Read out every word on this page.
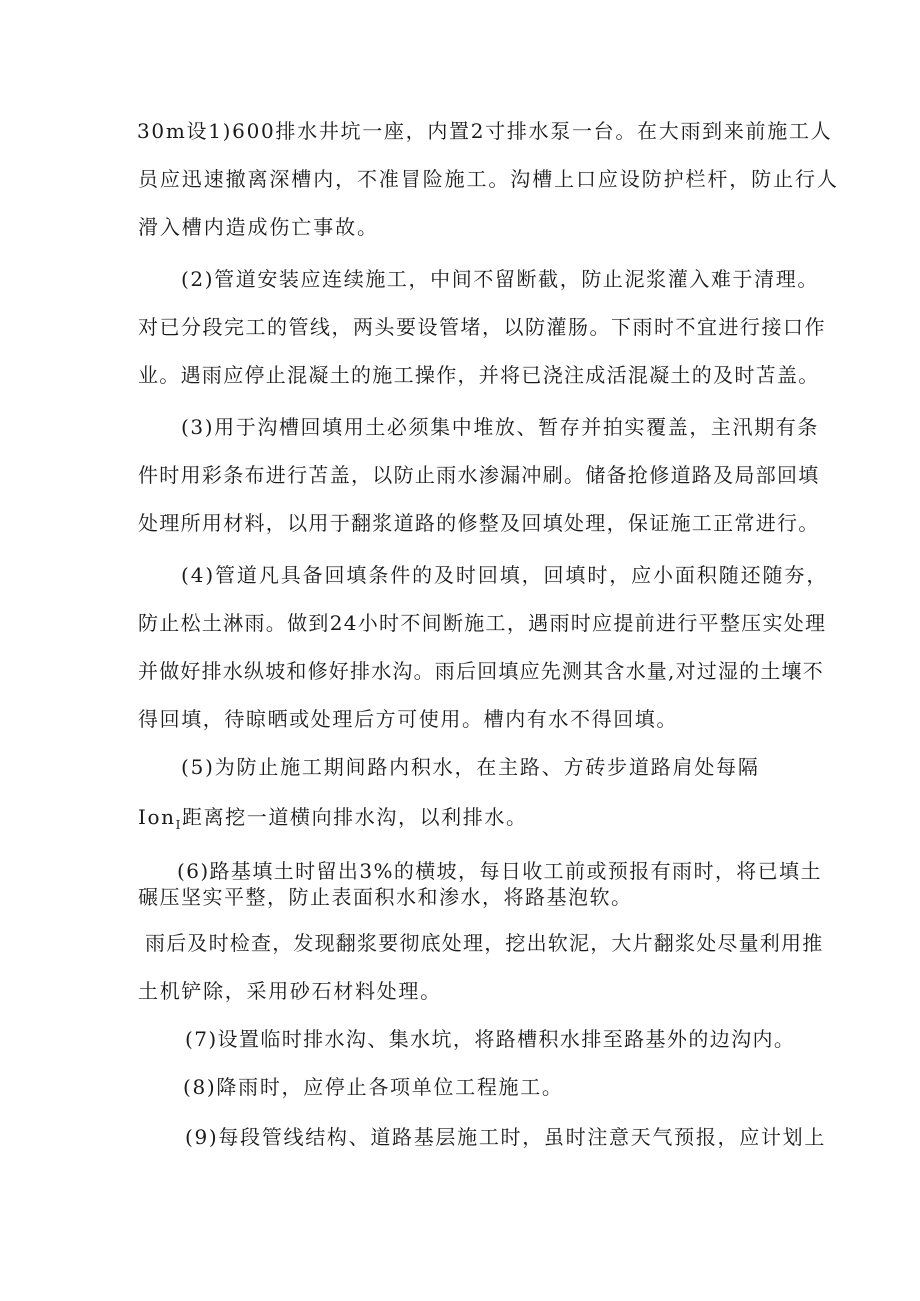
30m设1)600排水井坑一座，内置2寸排水泵一台。在大雨到来前施工人
员应迅速撤离深槽内，不准冒险施工。沟槽上口应设防护栏杆，防止行人
滑入槽内造成伤亡事故。
(2)管道安装应连续施工，中间不留断截，防止泥浆灌入难于清理。
对已分段完工的管线，两头要设管堵，以防灌肠。下雨时不宜进行接口作
业。遇雨应停止混凝土的施工操作，并将已浇注成活混凝土的及时苫盖。
(3)用于沟槽回填用土必须集中堆放、暂存并拍实覆盖，主汛期有条
件时用彩条布进行苫盖，以防止雨水渗漏冲刷。储备抢修道路及局部回填
处理所用材料，以用于翻浆道路的修整及回填处理，保证施工正常进行。
(4)管道凡具备回填条件的及时回填，回填时，应小面积随还随夯，
防止松土淋雨。做到24小时不间断施工，遇雨时应提前进行平整压实处理
并做好排水纵坡和修好排水沟。雨后回填应先测其含水量,对过湿的土壤不
得回填，待晾晒或处理后方可使用。槽内有水不得回填。
(5)为防止施工期间路内积水，在主路、方砖步道路肩处每隔
Ion$_I$距离挖一道横向排水沟，以利排水。
(6)路基填土时留出3%的横坡，每日收工前或预报有雨时，将已填土
碾压坚实平整，防止表面积水和渗水，将路基泡软。
雨后及时检查，发现翻浆要彻底处理，挖出软泥，大片翻浆处尽量利用推
土机铲除，采用砂石材料处理。
(7)设置临时排水沟、集水坑，将路槽积水排至路基外的边沟内。
(8)降雨时，应停止各项单位工程施工。
(9)每段管线结构、道路基层施工时，虽时注意天气预报，应计划上
